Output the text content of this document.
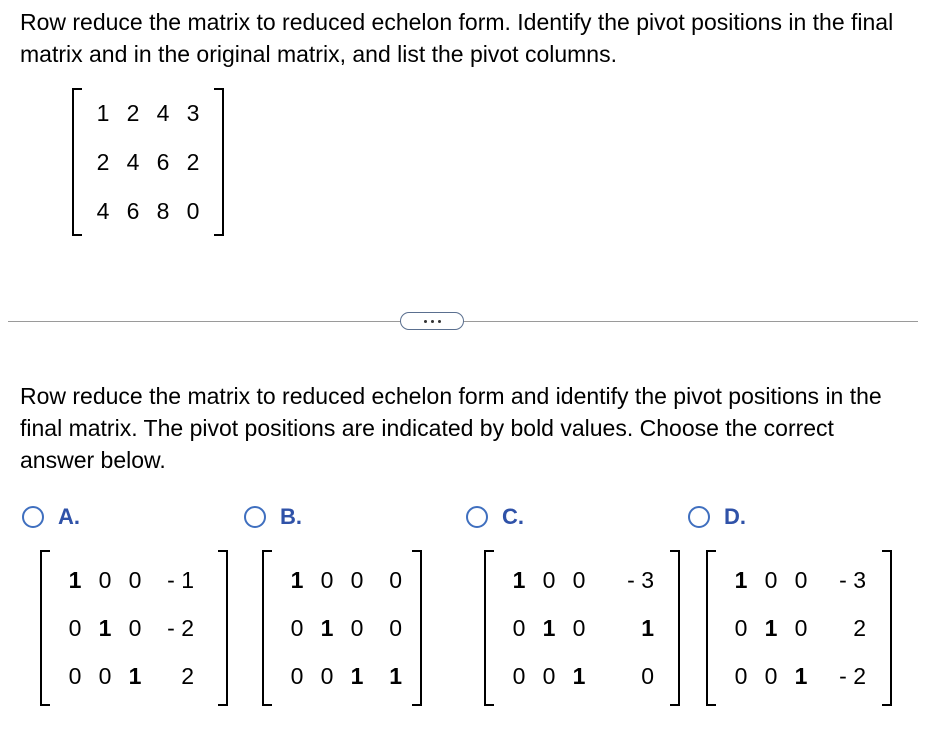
Row reduce the matrix to reduced echelon form. Identify the pivot positions in the final matrix and in the original matrix, and list the pivot columns.

1 2 4 3
2 4 6 2
4 6 8 0

Row reduce the matrix to reduced echelon form and identify the pivot positions in the final matrix. The pivot positions are indicated by bold values. Choose the correct answer below.

A.
1 0 0	- 1
0 1 0	- 2
0 0 1	2
B.
1 0 0	0
0 1 0	0
0 0 1	1
C.
1 0 0	- 3
0 1 0	1
0 0 1	0
D.
1 0 0	- 3
0 1 0	2
0 0 1	- 2
